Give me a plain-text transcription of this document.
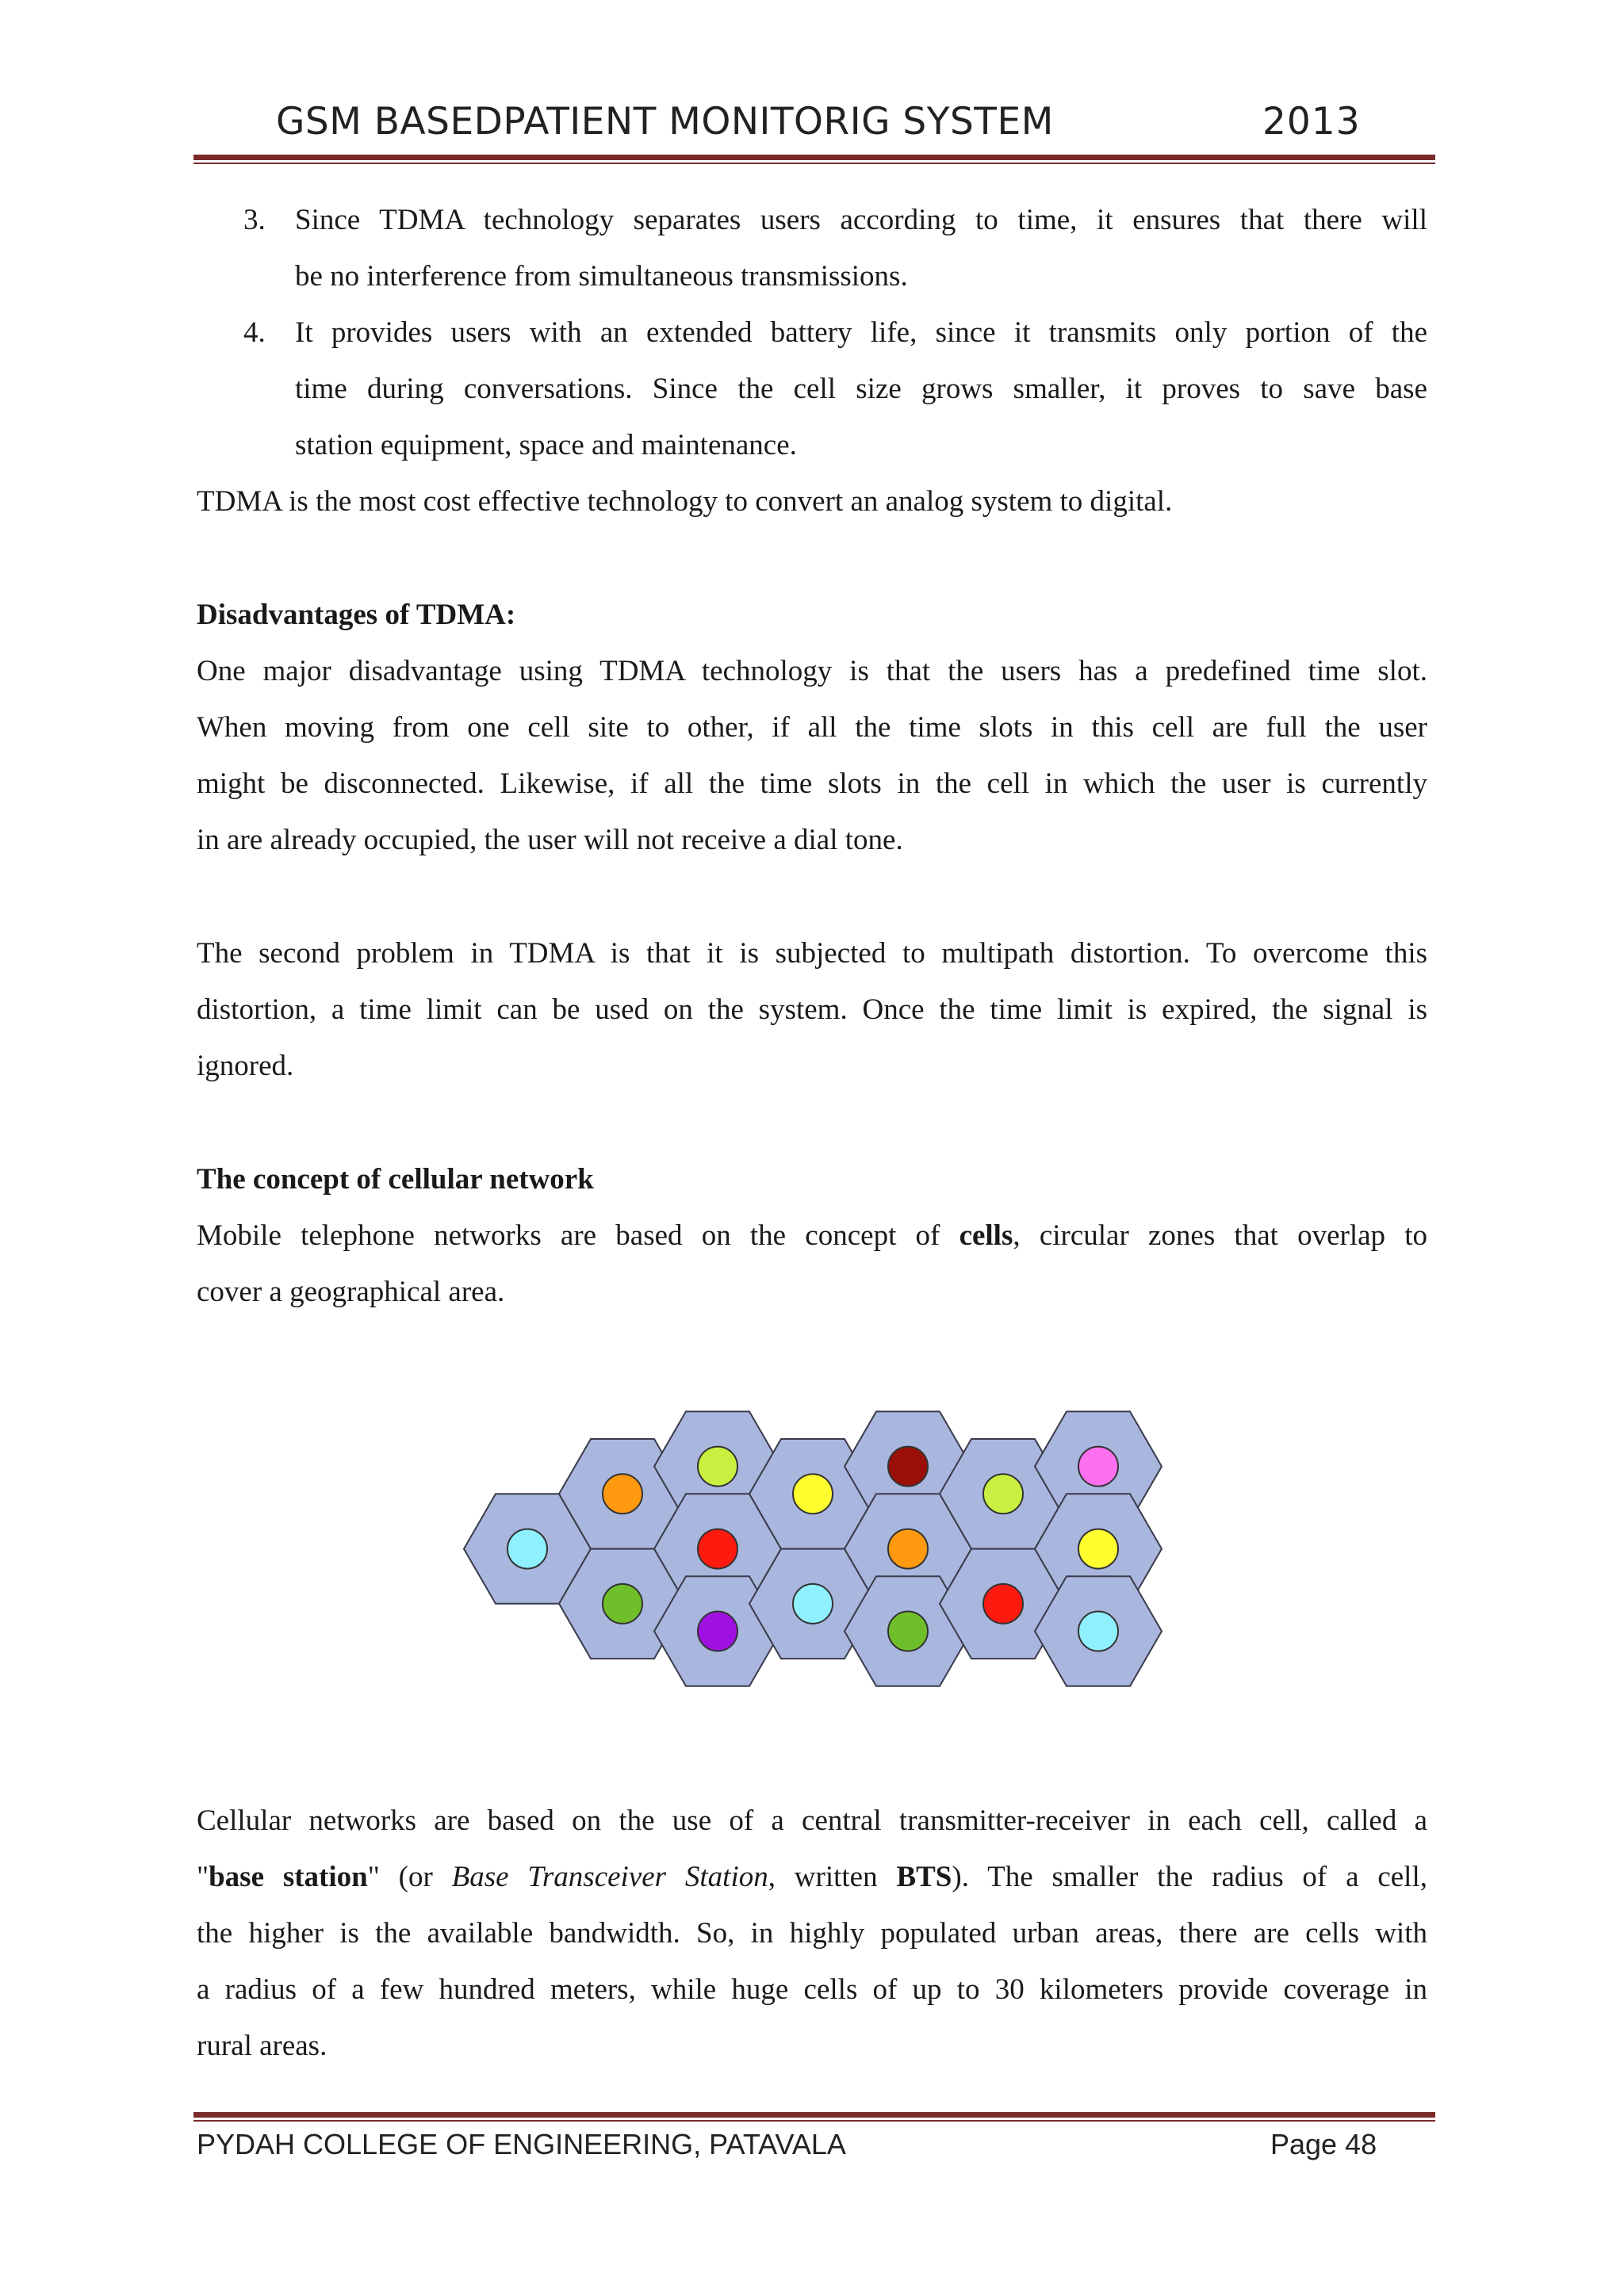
GSM BASEDPATIENT MONITORIG SYSTEM	2013
3. Since TDMA technology separates users according to time, it ensures that there will
be no interference from simultaneous transmissions.
4. It provides users with an extended battery life, since it transmits only portion of the
time during conversations. Since the cell size grows smaller, it proves to save base
station equipment, space and maintenance.
TDMA is the most cost effective technology to convert an analog system to digital.
Disadvantages of TDMA:
One major disadvantage using TDMA technology is that the users has a predefined time slot.
When moving from one cell site to other, if all the time slots in this cell are full the user
might be disconnected. Likewise, if all the time slots in the cell in which the user is currently
in are already occupied, the user will not receive a dial tone.
The second problem in TDMA is that it is subjected to multipath distortion. To overcome this
distortion, a time limit can be used on the system. Once the time limit is expired, the signal is
ignored.
The concept of cellular network
Mobile telephone networks are based on the concept of cells, circular zones that overlap to
cover a geographical area.
Cellular networks are based on the use of a central transmitter-receiver in each cell, called a
"base station" (or Base Transceiver Station, written BTS). The smaller the radius of a cell,
the higher is the available bandwidth. So, in highly populated urban areas, there are cells with
a radius of a few hundred meters, while huge cells of up to 30 kilometers provide coverage in
rural areas.
PYDAH COLLEGE OF ENGINEERING, PATAVALA	Page 48
